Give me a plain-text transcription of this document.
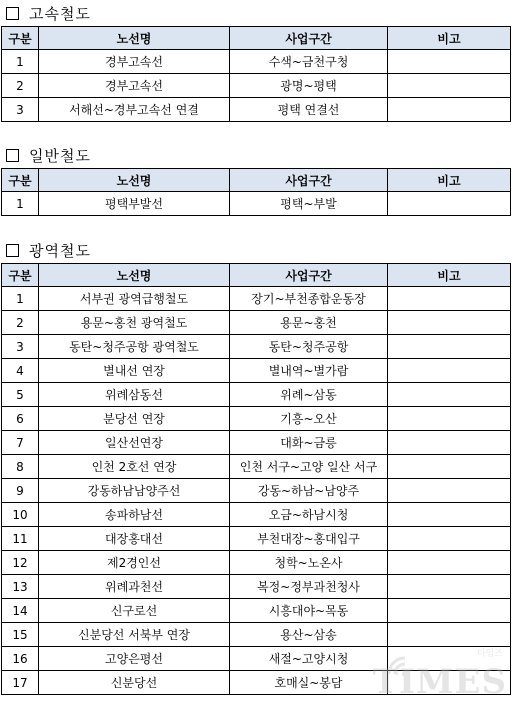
고속철도
구분	노선명	사업구간	비고
1	경부고속선	수색~금천구청	
2	경부고속선	광명~평택	
3	서해선~경부고속선 연결	평택 연결선	
일반철도
구분	노선명	사업구간	비고
1	평택부발선	평택~부발	
광역철도
구분	노선명	사업구간	비고
1	서부권 광역급행철도	장기~부천종합운동장	
2	용문~홍천 광역철도	용문~홍천	
3	동탄~청주공항 광역철도	동탄~청주공항	
4	별내선 연장	별내역~별가람	
5	위례삼동선	위례~삼동	
6	분당선 연장	기흥~오산	
7	일산선연장	대화~금릉	
8	인천 2호선 연장	인천 서구~고양 일산 서구	
9	강동하남남양주선	강동~하남~남양주	
10	송파하남선	오금~하남시청	
11	대장홍대선	부천대장~홍대입구	
12	제2경인선	청학~노온사	
13	위례과천선	복정~정부과천청사	
14	신구로선	시흥대야~목동	
15	신분당선 서북부 연장	용산~삼송	
16	고양은평선	새절~고양시청	
17	신분당선	호매실~봉담	
타임즈
TIMES
